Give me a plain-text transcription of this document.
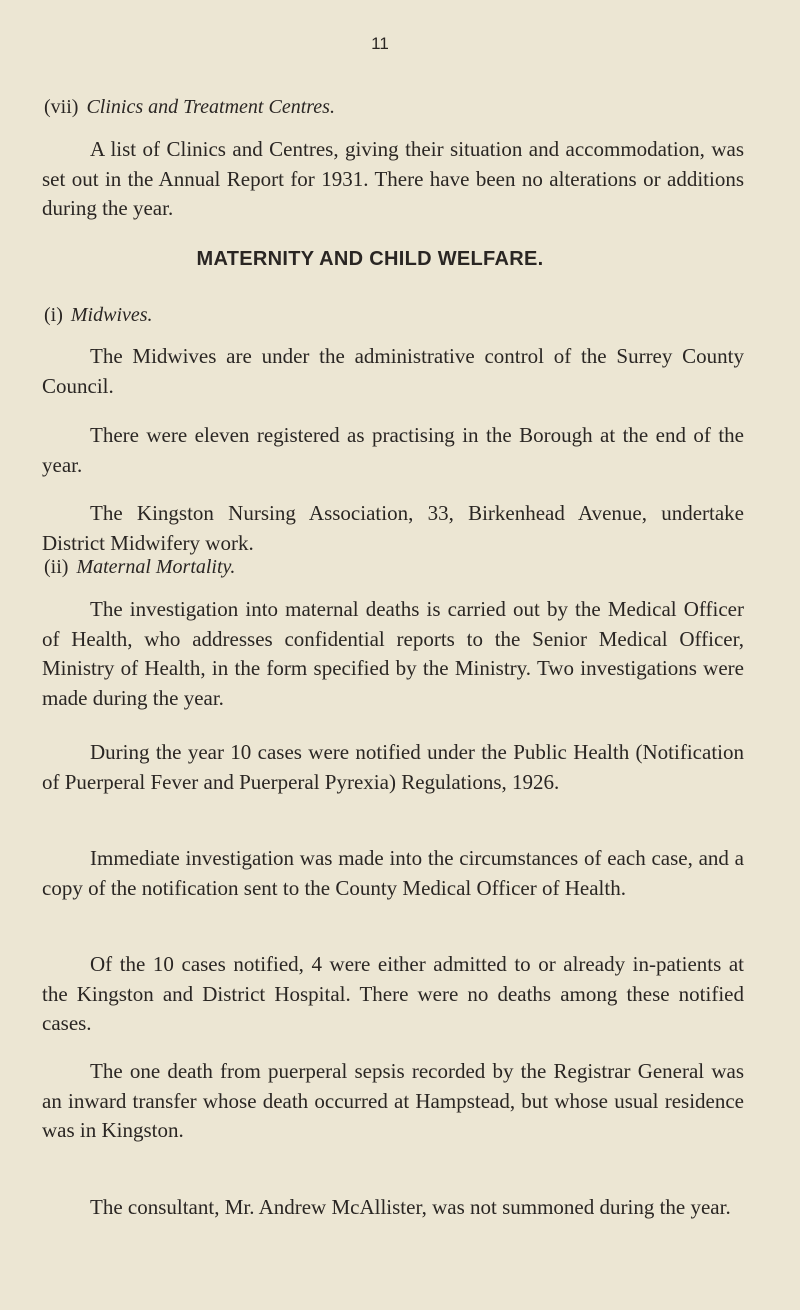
11
(vii) Clinics and Treatment Centres.

A list of Clinics and Centres, giving their situation and accommodation, was set out in the Annual Report for 1931. There have been no alterations or additions during the year.

MATERNITY AND CHILD WELFARE.
(i) Midwives.

The Midwives are under the administrative control of the Surrey County Council.

There were eleven registered as practising in the Borough at the end of the year.

The Kingston Nursing Association, 33, Birkenhead Avenue, undertake District Midwifery work.

(ii) Maternal Mortality.

The investigation into maternal deaths is carried out by the Medical Officer of Health, who addresses confidential reports to the Senior Medical Officer, Ministry of Health, in the form specified by the Ministry. Two investigations were made during the year.

During the year 10 cases were notified under the Public Health (Notification of Puerperal Fever and Puerperal Pyrexia) Regulations, 1926.

Immediate investigation was made into the circumstances of each case, and a copy of the notification sent to the County Medical Officer of Health.

Of the 10 cases notified, 4 were either admitted to or already in-patients at the Kingston and District Hospital. There were no deaths among these notified cases.

The one death from puerperal sepsis recorded by the Registrar General was an inward transfer whose death occurred at Hampstead, but whose usual residence was in Kingston.

The consultant, Mr. Andrew McAllister, was not summoned during the year.
